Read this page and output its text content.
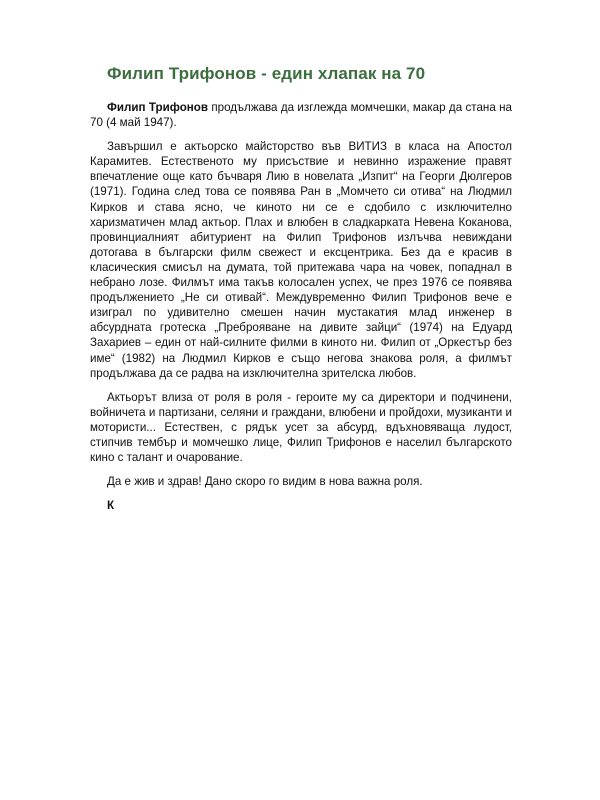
Филип Трифонов - един хлапак на 70

Филип Трифонов продължава да изглежда момчешки, макар да стана на 70 (4 май 1947).

Завършил е актьорско майсторство във ВИТИЗ в класа на Апостол Карамитев. Естественото му присъствие и невинно изражение правят впечатление още като бъчваря Лию в новелата „Изпит“ на Георги Дюлгеров (1971). Година след това се появява Ран в „Момчето си отива“ на Людмил Кирков и става ясно, че киното ни се е сдобило с изключително харизматичен млад актьор. Плах и влюбен в сладкарката Невена Коканова, провинциалният абитуриент на Филип Трифонов излъчва невиждани дотогава в български филм свежест и ексцентрика. Без да е красив в класическия смисъл на думата, той притежава чара на човек, попаднал в небрано лозе. Филмът има такъв колосален успех, че през 1976 се появява продължението „Не си отивай“. Междувременно Филип Трифонов вече е изиграл по удивително смешен начин мустакатия млад инженер в абсурдната гротеска „Преброяване на дивите зайци“ (1974) на Едуард Захариев – един от най-силните филми в киното ни. Филип от „Оркестър без име“ (1982) на Людмил Кирков е също негова знакова роля, а филмът продължава да се радва на изключителна зрителска любов.

Актьорът влиза от роля в роля - героите му са директори и подчинени, войничета и партизани, селяни и граждани, влюбени и пройдохи, музиканти и мотористи... Естествен, с рядък усет за абсурд, вдъхновяваща лудост, стипчив тембър и момчешко лице, Филип Трифонов е населил българското кино с талант и очарование.

Да е жив и здрав! Дано скоро го видим в нова важна роля.

К
